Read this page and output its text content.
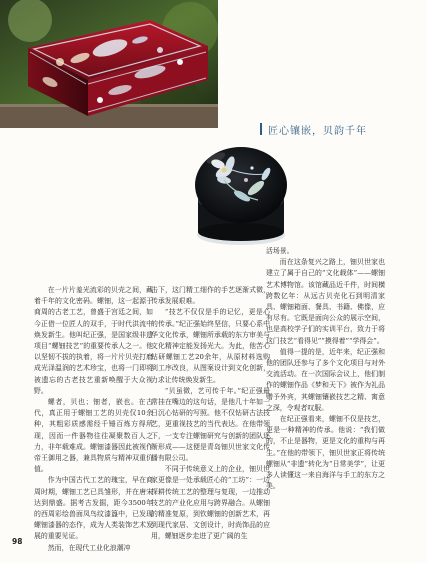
匠心镶嵌，贝韵千年

在一片片羞光流彩的贝壳之间，藏着千年的文化密码。螺钿，这一起源于商周的古老工艺，曾盛于宫廷之间，如今正借一位匠人的双手，于时代洪流中焕发新生。他叫纪正强，是国家级非遗项目“螺钿技艺”的重要传承人之一。他以坚韧不拔的执着，将一片片贝壳打磨成光泽温润的艺术珍宝，也将一门即将被遗忘的古老技艺重新唤醒于大众视野。

螺者，贝也；钿者，嵌也。在古代，真正用于螺钿工艺的贝壳仅10余种，其粗彩质感需经千锤百炼方得所现，因而一件器物往往凝聚数百人之力，非年载难成。螺钿漆器因此被视作帝王御用之器，兼具物质与精神双重价值。

作为中国古代工艺的瑰宝，早在商周时期，螺钿工艺已具雏形，并在唐宋达到鼎盛。据考古发掘，距今3500年的西周彩绘兽面凤鸟纹漆簋中，已发现螺钿漆器的态作，成为人类装饰艺术发展的重要见证。

然而，在现代工业化浪潮冲

击下，这门精工细作的手艺逐渐式微，传承发展艰难。

“技艺不仅仅是手的记忆，更是心的传承。”纪正强始终坚信，只要心系中华文化传承，螺钿所承载的东方审美与文化精神定能发扬光大。为此，他苦心钻研螺钿工艺20余年，从原材料选购到工序改良，从图案设计到文化创新，力求让传统焕发新生。

“贝虽微，艺可传千年。”纪正强最常挂在嘴边的这句话，是他几十年如一日沉心钻研的写照。他不仅钻研古法技艺，更重视技艺的当代表达。在他带领下，一支专注螺钿研究与创新的团队逐渐形成——这便是青岛钿贝世家文化传播有限公司。

不同于传统意义上的企业，钿贝世家更像是一处承载匠心的“工坊”：一边探耕传统工艺的整理与复现，一边推动技艺的产业化应用与跨界融合。从螺钿的精准复原，到钦螺钿的创新艺术，再到现代家居、文创设计，时尚饰品的应用，螺钿逐步走进了更广阔的生

活场景。

而在这条复兴之路上，钿贝世家也建立了属于自己的“文化载体”——螺钿艺术博物馆。该馆藏品近千件，时间横跨数亿年：从远古贝壳化石到明清家具、螺钿箱面、餐具、书籍、佛像，应有尽有。它既是面向公众的展示空间，也是高校学子们的实训平台，致力于将这门技艺“看得见”“摸得着”“学得会”。

值得一提的是，近年来，纪正强和他的团队还参与了多个文化项目与对外交流活动。在一次国际会议上，他们制作的螺钿作品《梦和天下》被作为礼品赠予外宾，其螺钿镶嵌技艺之精、寓意之深，令观者叹服。

在纪正强看来，螺钿不仅是技艺，更是一种精神的传承。他说：“我们做的，不止是器物，更是文化的重构与再生。”在他的带领下，钿贝世家正将传统螺钿从“非遗”转化为“日常美学”，让更多人读懂这一来自海洋与手工的东方之美。

98
